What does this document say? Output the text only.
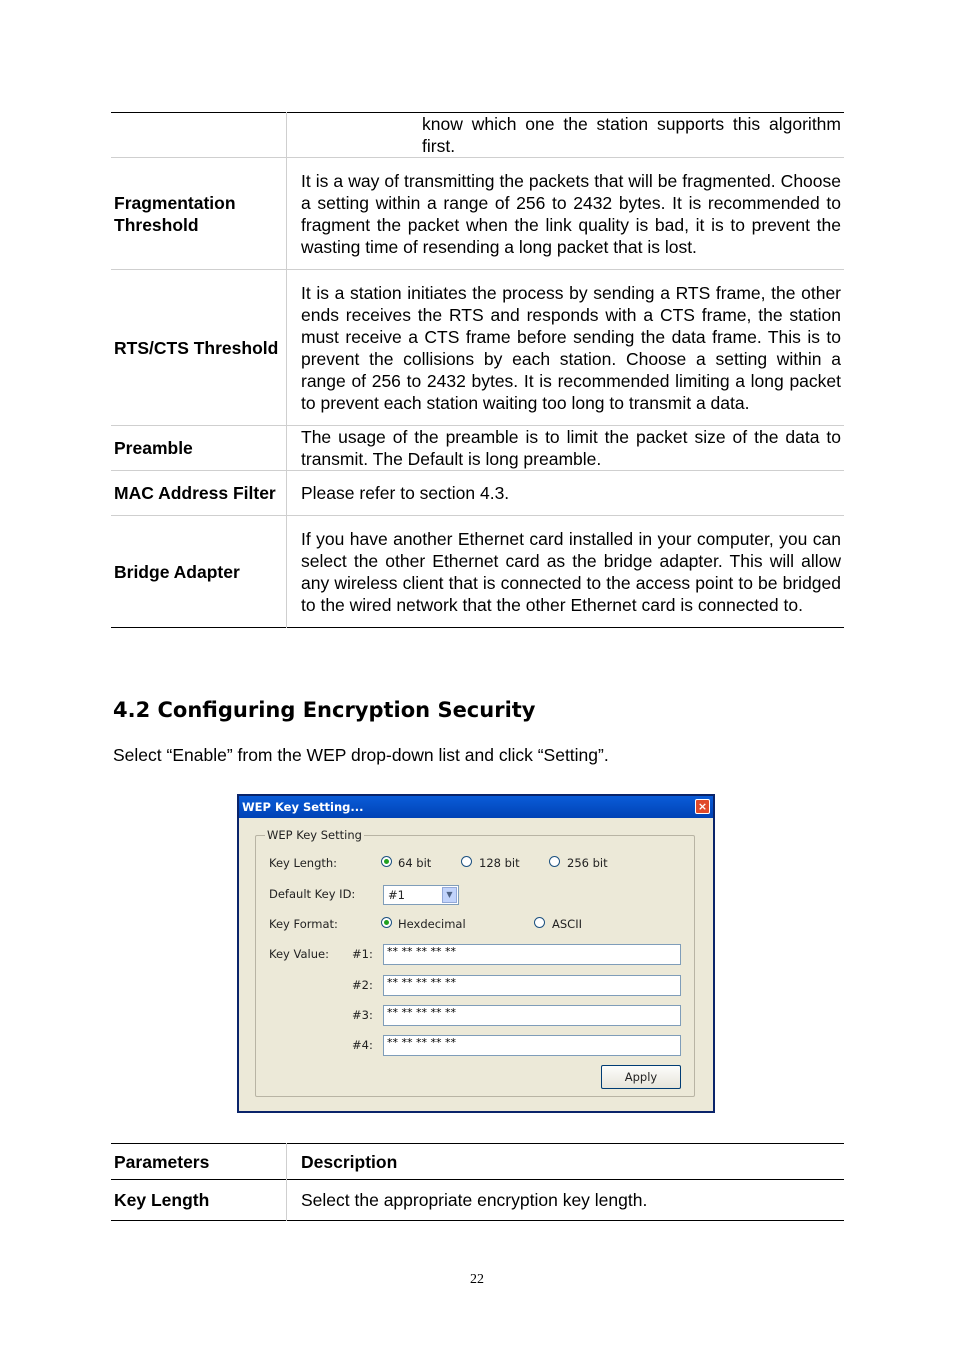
	know which one the station supports this algorithm first.
Fragmentation Threshold	It is a way of transmitting the packets that will be fragmented. Choose a setting within a range of 256 to 2432 bytes. It is recommended to fragment the packet when the link quality is bad, it is to prevent the wasting time of resending a long packet that is lost.
RTS/CTS Threshold	It is a station initiates the process by sending a RTS frame, the other ends receives the RTS and responds with a CTS frame, the station must receive a CTS frame before sending the data frame. This is to prevent the collisions by each station. Choose a setting within a range of 256 to 2432 bytes. It is recommended limiting a long packet to prevent each station waiting too long to transmit a data.
Preamble	The usage of the preamble is to limit the packet size of the data to transmit. The Default is long preamble.
MAC Address Filter	Please refer to section 4.3.
Bridge Adapter	If you have another Ethernet card installed in your computer, you can select the other Ethernet card as the bridge adapter. This will allow any wireless client that is connected to the access point to be bridged to the wired network that the other Ethernet card is connected to.
4.2 Configuring Encryption Security

Select “Enable” from the WEP drop-down list and click “Setting”.

WEP Key Setting...	×
WEP Key Setting
Key Length:	64 bit	128 bit	256 bit
Default Key ID:	#1	▼
Key Format:	Hexdecimal	ASCII
Key Value: #1:	** ** ** ** **
#2:	** ** ** ** **
#3:	** ** ** ** **
#4:	** ** ** ** **
Apply
Parameters	Description
Key Length	Select the appropriate encryption key length.
22
